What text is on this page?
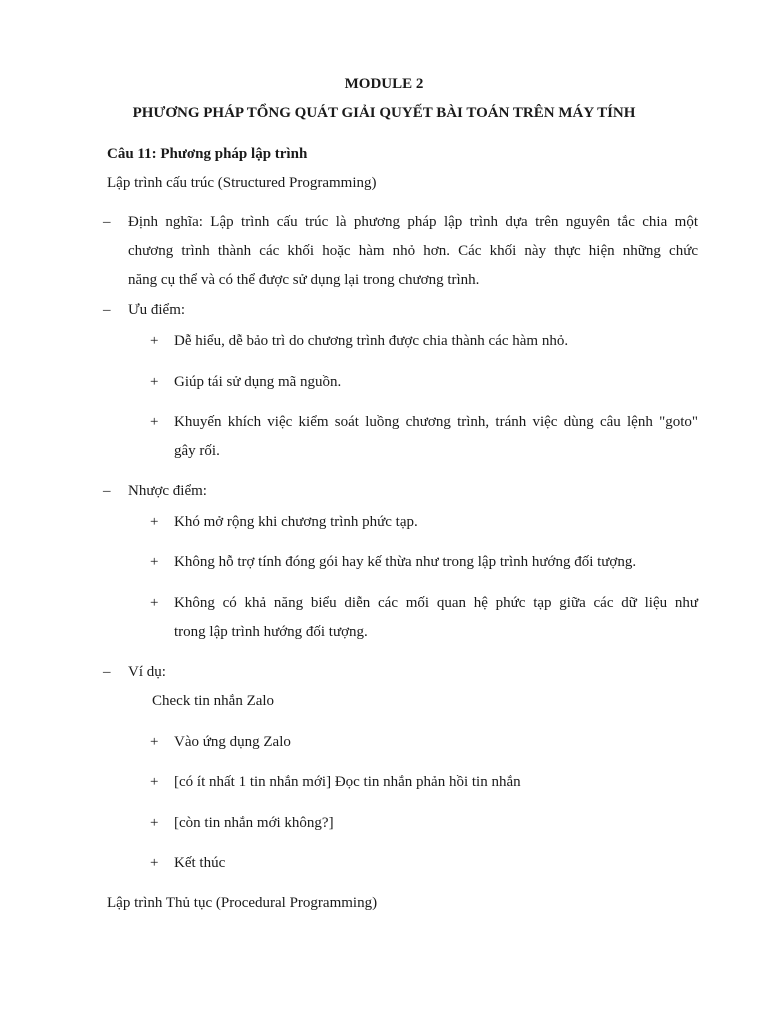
MODULE 2
PHƯƠNG PHÁP TỔNG QUÁT GIẢI QUYẾT BÀI TOÁN TRÊN MÁY TÍNH
Câu 11: Phương pháp lập trình
Lập trình cấu trúc (Structured Programming)
– Định nghĩa: Lập trình cấu trúc là phương pháp lập trình dựa trên nguyên tắc chia một
chương trình thành các khối hoặc hàm nhỏ hơn. Các khối này thực hiện những chức
năng cụ thể và có thể được sử dụng lại trong chương trình.
– Ưu điểm:
+ Dễ hiểu, dễ bảo trì do chương trình được chia thành các hàm nhỏ.
+ Giúp tái sử dụng mã nguồn.
+ Khuyến khích việc kiểm soát luồng chương trình, tránh việc dùng câu lệnh "goto"
gây rối.
– Nhược điểm:
+ Khó mở rộng khi chương trình phức tạp.
+ Không hỗ trợ tính đóng gói hay kế thừa như trong lập trình hướng đối tượng.
+ Không có khả năng biểu diễn các mối quan hệ phức tạp giữa các dữ liệu như
trong lập trình hướng đối tượng.
– Ví dụ:
Check tin nhắn Zalo
+ Vào ứng dụng Zalo
+ [có ít nhất 1 tin nhắn mới] Đọc tin nhắn phản hồi tin nhắn
+ [còn tin nhắn mới không?]
+ Kết thúc
Lập trình Thủ tục (Procedural Programming)
